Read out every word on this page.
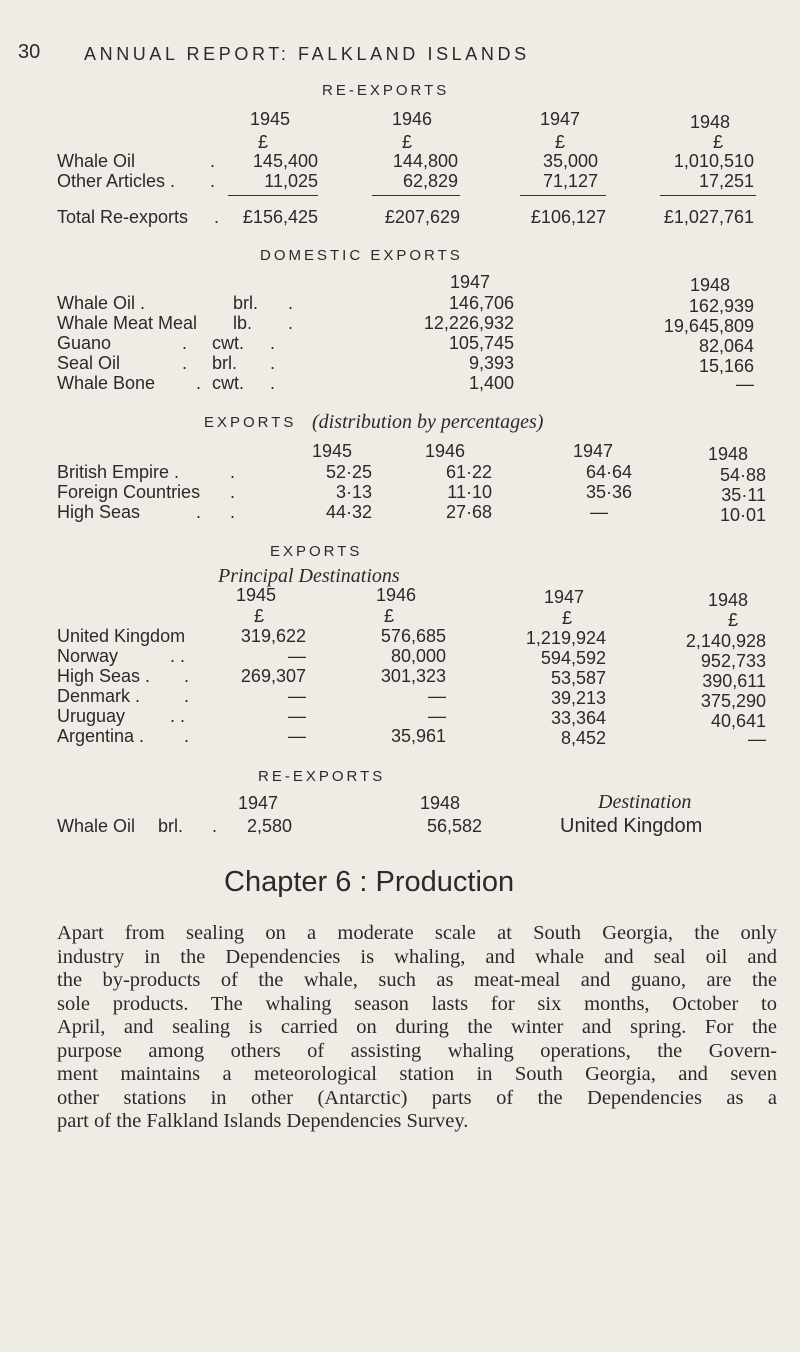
30 ANNUAL REPORT: FALKLAND ISLANDS
RE-EXPORTS
1945	1946	1947	1948
£	£	£	£
Whale Oil	.	145,400	144,800	35,000	1,010,510
Other Articles . .	11,025	62,829	71,127	17,251
Total Re-exports .	£156,425	£207,629	£106,127	£1,027,761
DOMESTIC EXPORTS
1947	1948
Whale Oil .	brl. .	146,706	162,939
Whale Meat Meal lb. .	12,226,932	19,645,809
Guano	. cwt. .	105,745	82,064
Seal Oil	. brl. .	9,393	15,166
Whale Bone . cwt. .	1,400	—
EXPORTS (distribution by percentages)
1945	1946	1947	1948
British Empire .	.	52·25	61·22	64·64	54·88
Foreign Countries .	3·13	11·10	35·36	35·11
High Seas	. .	44·32	27·68	—	10·01
EXPORTS
Principal Destinations
1945	1946	1947	1948
£	£	£	£
United Kingdom	319,622	576,685	1,219,924	2,140,928
Norway	. .	—	80,000	594,592	952,733
High Seas . .	269,307	301,323	53,587	390,611
Denmark . .	—	—	39,213	375,290
Uruguay . .	—	—	33,364	40,641
Argentina . .	—	35,961	8,452	—
RE-EXPORTS
1947	1948	Destination
Whale Oil brl. .	2,580	56,582	United Kingdom
Chapter 6 : Production
Apart from sealing on a moderate scale at South Georgia, the only
industry in the Dependencies is whaling, and whale and seal oil and
the by-products of the whale, such as meat-meal and guano, are the
sole products. The whaling season lasts for six months, October to
April, and sealing is carried on during the winter and spring. For the
purpose among others of assisting whaling operations, the Govern-
ment maintains a meteorological station in South Georgia, and seven
other stations in other (Antarctic) parts of the Dependencies as a
part of the Falkland Islands Dependencies Survey.
